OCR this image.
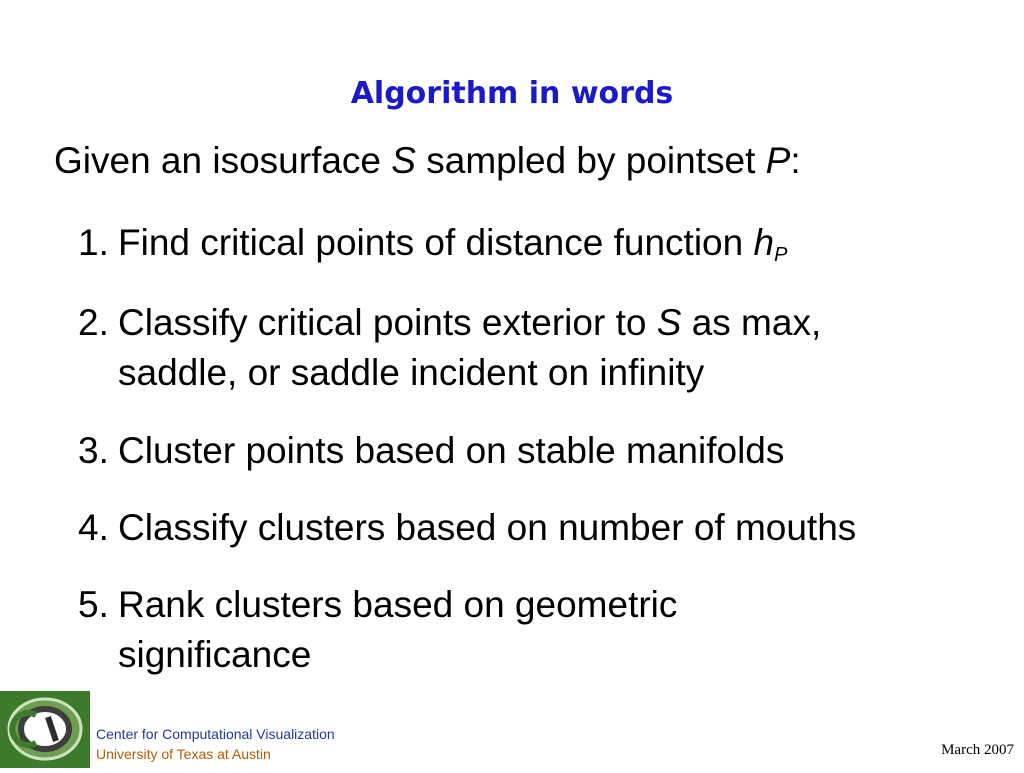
Algorithm in words
Given an isosurface S sampled by pointset P:
1. Find critical points of distance function $h_P$
2. Classify critical points exterior to S as max,
saddle, or saddle incident on infinity
3. Cluster points based on stable manifolds
4. Classify clusters based on number of mouths
5. Rank clusters based on geometric
significance
Center for Computational Visualization
University of Texas at Austin	March 2007
